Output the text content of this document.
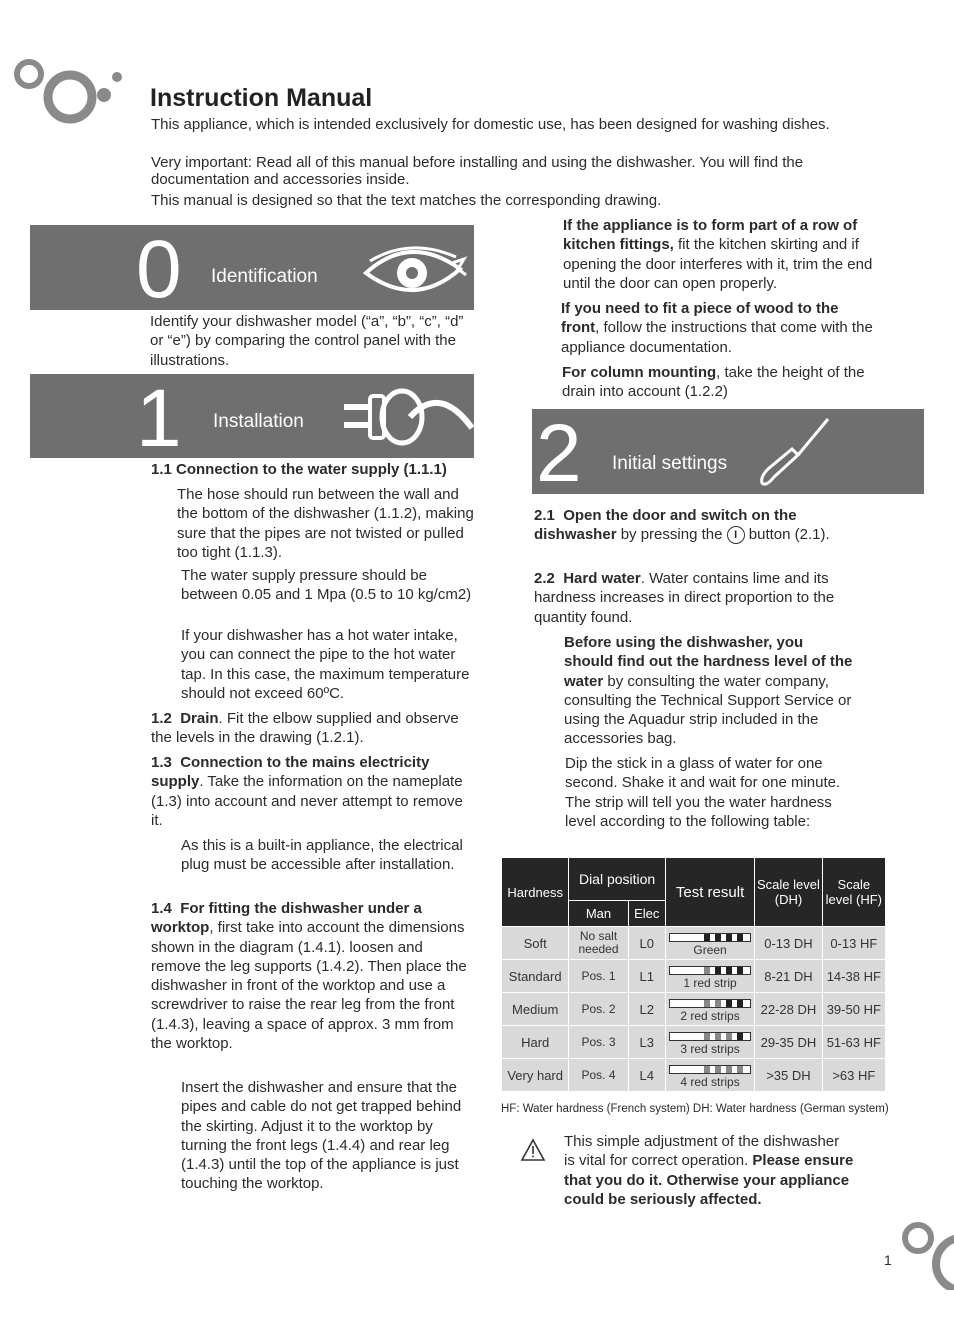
Instruction Manual

This appliance, which is intended exclusively for domestic use, has been designed for washing dishes.

Very important: Read all of this manual before installing and using the dishwasher. You will find the documentation and accessories inside.

This manual is designed so that the text matches the corresponding drawing.

0 Identification

Identify your dishwasher model (“a”, “b”, “c”, “d” or “e”) by comparing the control panel with the illustrations.

1 Installation
1.1 Connection to the water supply (1.1.1)

The hose should run between the wall and the bottom of the dishwasher (1.1.2), making sure that the pipes are not twisted or pulled too tight (1.1.3).

The water supply pressure should be between 0.05 and 1 Mpa (0.5 to 10 kg/cm2)

If your dishwasher has a hot water intake, you can connect the pipe to the hot water tap. In this case, the maximum temperature should not exceed 60ºC.

1.2 Drain. Fit the elbow supplied and observe the levels in the drawing (1.2.1).

1.3 Connection to the mains electricity supply. Take the information on the nameplate (1.3) into account and never attempt to remove it.

As this is a built-in appliance, the electrical plug must be accessible after installation.

1.4 For fitting the dishwasher under a worktop, first take into account the dimensions shown in the diagram (1.4.1). loosen and remove the leg supports (1.4.2). Then place the dishwasher in front of the worktop and use a screwdriver to raise the rear leg from the front (1.4.3), leaving a space of approx. 3 mm from the worktop.

Insert the dishwasher and ensure that the pipes and cable do not get trapped behind the skirting. Adjust it to the worktop by turning the front legs (1.4.4) and rear leg (1.4.3) until the top of the appliance is just touching the worktop.

If the appliance is to form part of a row of kitchen fittings, fit the kitchen skirting and if opening the door interferes with it, trim the end until the door can open properly.

If you need to fit a piece of wood to the front, follow the instructions that come with the appliance documentation.

For column mounting, take the height of the drain into account (1.2.2)

2 Initial settings

2.1 Open the door and switch on the dishwasher by pressing the I button (2.1).

2.2 Hard water. Water contains lime and its hardness increases in direct proportion to the quantity found.

Before using the dishwasher, you should find out the hardness level of the water by consulting the water company, consulting the Technical Support Service or using the Aquadur strip included in the accessories bag.

Dip the stick in a glass of water for one second. Shake it and wait for one minute. The strip will tell you the water hardness level according to the following table:

Hardness	Dial position		Test result	Scale level (DH)	Scale level (HF)
	Man	Elec			
Soft	No salt needed	L0	Green	0-13 DH	0-13 HF
Standard	Pos. 1	L1	1 red strip	8-21 DH	14-38 HF
Medium	Pos. 2	L2	2 red strips	22-28 DH	39-50 HF
Hard	Pos. 3	L3	3 red strips	29-35 DH	51-63 HF
Very hard	Pos. 4	L4	4 red strips	>35 DH	>63 HF
HF: Water hardness (French system) DH: Water hardness (German system)

This simple adjustment of the dishwasher is vital for correct operation. Please ensure that you do it. Otherwise your appliance could be seriously affected.

1
